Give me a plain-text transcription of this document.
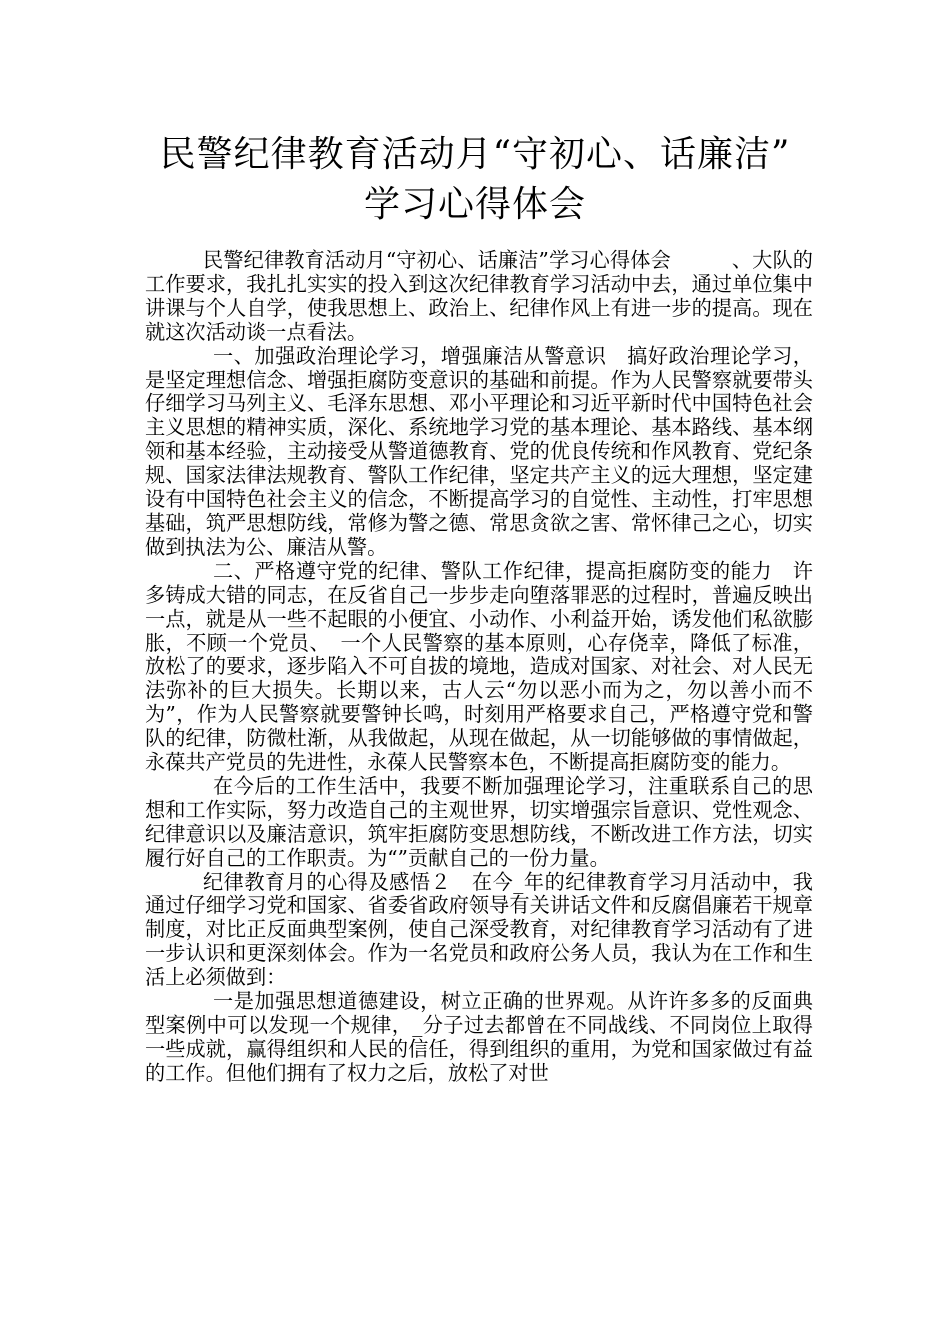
民警纪律教育活动月“守初心、话廉洁”
学习心得体会

民警纪律教育活动月“守初心、话廉洁”学习心得体会　　　、大队的工作要求，我扎扎实实的投入到这次纪律教育学习活动中去，通过单位集中讲课与个人自学，使我思想上、政治上、纪律作风上有进一步的提高。现在就这次活动谈一点看法。

一、加强政治理论学习，增强廉洁从警意识　搞好政治理论学习，是坚定理想信念、增强拒腐防变意识的基础和前提。作为人民警察就要带头仔细学习马列主义、毛泽东思想、邓小平理论和习近平新时代中国特色社会主义思想的精神实质，深化、系统地学习党的基本理论、基本路线、基本纲领和基本经验，主动接受从警道德教育、党的优良传统和作风教育、党纪条规、国家法律法规教育、警队工作纪律，坚定共产主义的远大理想，坚定建设有中国特色社会主义的信念，不断提高学习的自觉性、主动性，打牢思想基础，筑严思想防线，常修为警之德、常思贪欲之害、常怀律己之心，切实做到执法为公、廉洁从警。

二、严格遵守党的纪律、警队工作纪律，提高拒腐防变的能力　许多铸成大错的同志，在反省自己一步步走向堕落罪恶的过程时，普遍反映出一点，就是从一些不起眼的小便宜、小动作、小利益开始，诱发他们私欲膨胀，不顾一个党员、　一个人民警察的基本原则，心存侥幸，降低了标准，放松了的要求，逐步陷入不可自拔的境地，造成对国家、对社会、对人民无法弥补的巨大损失。长期以来，古人云“勿以恶小而为之，勿以善小而不为”，作为人民警察就要警钟长鸣，时刻用严格要求自己，严格遵守党和警队的纪律，防微杜渐，从我做起，从现在做起，从一切能够做的事情做起，永葆共产党员的先进性，永葆人民警察本色，不断提高拒腐防变的能力。

在今后的工作生活中，我要不断加强理论学习，注重联系自己的思想和工作实际，努力改造自己的主观世界，切实增强宗旨意识、党性观念、纪律意识以及廉洁意识，筑牢拒腐防变思想防线，不断改进工作方法，切实履行好自己的工作职责。为“”贡献自己的一份力量。

纪律教育月的心得及感悟２　在今_年的纪律教育学习月活动中，我通过仔细学习党和国家、省委省政府领导有关讲话文件和反腐倡廉若干规章制度，对比正反面典型案例，使自己深受教育，对纪律教育学习活动有了进一步认识和更深刻体会。作为一名党员和政府公务人员，我认为在工作和生活上必须做到：

一是加强思想道德建设，树立正确的世界观。从许许多多的反面典型案例中可以发现一个规律，_分子过去都曾在不同战线、不同岗位上取得一些成就，赢得组织和人民的信任，得到组织的重用，为党和国家做过有益的工作。但他们拥有了权力之后，放松了对世
